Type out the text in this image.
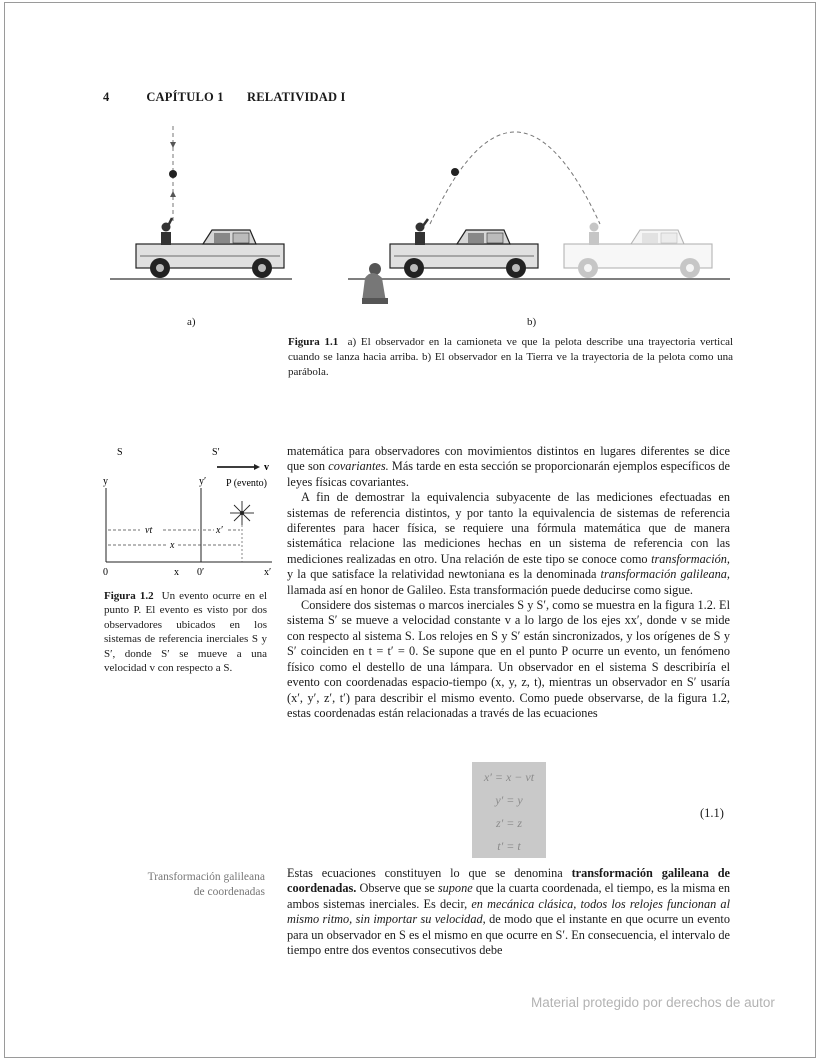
4	CAPÍTULO 1 RELATIVIDAD I
a)	b)
Figura 1.1 a) El observador en la camioneta ve que la pelota describe una trayectoria vertical cuando se lanza hacia arriba. b) El observador en la Tierra ve la trayectoria de la pelota como una parábola.
S	S′
v
y	y′ P (evento)
vt	x′
x
0	x 0′	x′
Figura 1.2 Un evento ocurre en el punto P. El evento es visto por dos observadores ubicados en los sistemas de referencia inerciales S y S′, donde S′ se mueve a una velocidad v con respecto a S.

matemática para observadores con movimientos distintos en lugares diferentes se dice que son covariantes. Más tarde en esta sección se proporcionarán ejemplos específicos de leyes físicas covariantes.

A fin de demostrar la equivalencia subyacente de las mediciones efectuadas en sistemas de referencia distintos, y por tanto la equivalencia de sistemas de referencia diferentes para hacer física, se requiere una fórmula matemática que de manera sistemática relacione las mediciones hechas en un sistema de referencia con las mediciones realizadas en otro. Una relación de este tipo se conoce como transformación, y la que satisface la relatividad newtoniana es la denominada transformación galileana, llamada así en honor de Galileo. Esta transformación puede deducirse como sigue.

Considere dos sistemas o marcos inerciales S y S′, como se muestra en la figura 1.2. El sistema S′ se mueve a velocidad constante v a lo largo de los ejes xx′, donde v se mide con respecto al sistema S. Los relojes en S y S′ están sincronizados, y los orígenes de S y S′ coinciden en t = t′ = 0. Se supone que en el punto P ocurre un evento, un fenómeno físico como el destello de una lámpara. Un observador en el sistema S describiría el evento con coordenadas espacio-tiempo (x, y, z, t), mientras un observador en S′ usaría (x′, y′, z′, t′) para describir el mismo evento. Como puede observarse, de la figura 1.2, estas coordenadas están relacionadas a través de las ecuaciones

x′ = x − vt
y′ = y
z′ = z
t′ = t
(1.1)
Transformación galileana
de coordenadas

Estas ecuaciones constituyen lo que se denomina transformación galileana de coordenadas. Observe que se supone que la cuarta coordenada, el tiempo, es la misma en ambos sistemas inerciales. Es decir, en mecánica clásica, todos los relojes funcionan al mismo ritmo, sin importar su velocidad, de modo que el instante en que ocurre un evento para un observador en S es el mismo en que ocurre en S′. En consecuencia, el intervalo de tiempo entre dos eventos consecutivos debe

Material protegido por derechos de autor
